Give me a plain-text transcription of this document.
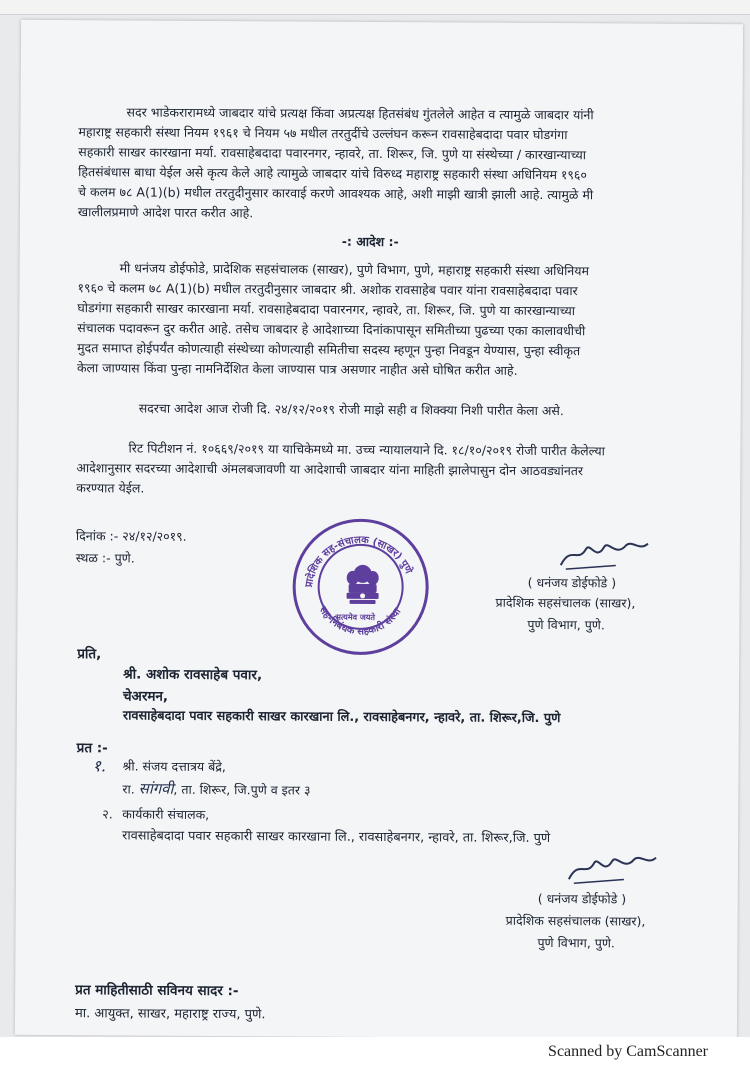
सदर भाडेकरारामध्ये जाबदार यांचे प्रत्यक्ष किंवा अप्रत्यक्ष हितसंबंध गुंतलेले आहेत व त्यामुळे जाबदार यांनी
महाराष्ट्र सहकारी संस्था नियम १९६१ चे नियम ५७ मधील तरतुदींचे उल्लंघन करून रावसाहेबदादा पवार घोडगंगा
सहकारी साखर कारखाना मर्या. रावसाहेबदादा पवारनगर, न्हावरे, ता. शिरूर, जि. पुणे या संस्थेच्या / कारखान्याच्या
हितसंबंधास बाधा येईल असे कृत्य केले आहे त्यामुळे जाबदार यांचे विरुध्द महाराष्ट्र सहकारी संस्था अधिनियम १९६०
चे कलम ७८ A(1)(b) मधील तरतुदीनुसार कारवाई करणे आवश्यक आहे, अशी माझी खात्री झाली आहे. त्यामुळे मी
खालीलप्रमाणे आदेश पारत करीत आहे.
-: आदेश :-
मी धनंजय डोईफोडे, प्रादेशिक सहसंचालक (साखर), पुणे विभाग, पुणे, महाराष्ट्र सहकारी संस्था अधिनियम
१९६० चे कलम ७८ A(1)(b) मधील तरतुदीनुसार जाबदार श्री. अशोक रावसाहेब पवार यांना रावसाहेबदादा पवार
घोडगंगा सहकारी साखर कारखाना मर्या. रावसाहेबदादा पवारनगर, न्हावरे, ता. शिरूर, जि. पुणे या कारखान्याच्या
संचालक पदावरून दुर करीत आहे. तसेच जाबदार हे आदेशाच्या दिनांकापासून समितीच्या पुढच्या एका कालावधीची
मुदत समाप्त होईपर्यंत कोणत्याही संस्थेच्या कोणत्याही समितीचा सदस्य म्हणून पुन्हा निवडून येण्यास, पुन्हा स्वीकृत
केला जाण्यास किंवा पुन्हा नामनिर्देशित केला जाण्यास पात्र असणार नाहीत असे घोषित करीत आहे.
सदरचा आदेश आज रोजी दि. २४/१२/२०१९ रोजी माझे सही व शिक्क्या निशी पारीत केला असे.
रिट पिटीशन नं. १०६६९/२०१९ या याचिकेमध्ये मा. उच्च न्यायालयाने दि. १८/१०/२०१९ रोजी पारीत केलेल्या
आदेशानुसार सदरच्या आदेशाची अंमलबजावणी या आदेशाची जाबदार यांना माहिती झालेपासुन दोन आठवड्यांनतर
करण्यात येईल.
दिनांक :- २४/१२/२०१९.
स्थळ :- पुणे.
प्रादेशिक सह-संचालक (साखर) पुणे
सह-निबंधक सहकारी संस्था
सत्यमेव जयते
( धनंजय डोईफोडे )
प्रादेशिक सहसंचालक (साखर),
पुणे विभाग, पुणे.
प्रति,
श्री. अशोक रावसाहेब पवार,
चेअरमन,
रावसाहेबदादा पवार सहकारी साखर कारखाना लि., रावसाहेबनगर, न्हावरे, ता. शिरूर,जि. पुणे
प्रत :-
१. श्री. संजय दत्तात्रय बेंद्रे,
रा. सांगवी, ता. शिरूर, जि.पुणे व इतर ३
२. कार्यकारी संचालक,
रावसाहेबदादा पवार सहकारी साखर कारखाना लि., रावसाहेबनगर, न्हावरे, ता. शिरूर,जि. पुणे
( धनंजय डोईफोडे )
प्रादेशिक सहसंचालक (साखर),
पुणे विभाग, पुणे.
प्रत माहितीसाठी सविनय सादर :-
मा. आयुक्त, साखर, महाराष्ट्र राज्य, पुणे.
Scanned by CamScanner
